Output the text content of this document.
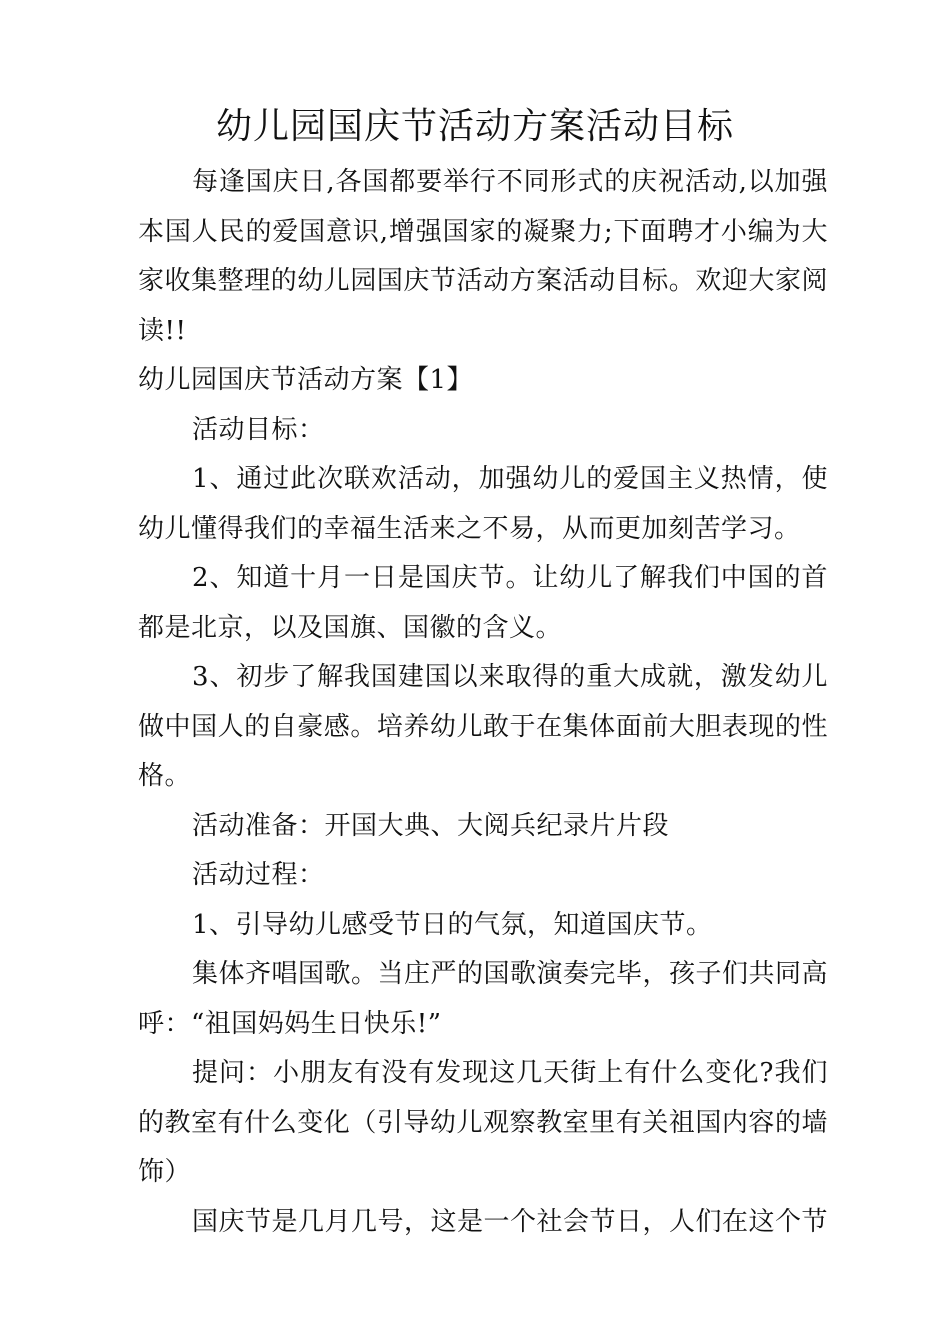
幼儿园国庆节活动方案活动目标

每逢国庆日,各国都要举行不同形式的庆祝活动,以加强本国人民的爱国意识,增强国家的凝聚力;下面聘才小编为大家收集整理的幼儿园国庆节活动方案活动目标。欢迎大家阅读!!

幼儿园国庆节活动方案【1】

活动目标：

1、通过此次联欢活动，加强幼儿的爱国主义热情，使幼儿懂得我们的幸福生活来之不易，从而更加刻苦学习。

2、知道十月一日是国庆节。让幼儿了解我们中国的首都是北京，以及国旗、国徽的含义。

3、初步了解我国建国以来取得的重大成就，激发幼儿做中国人的自豪感。培养幼儿敢于在集体面前大胆表现的性格。

活动准备：开国大典、大阅兵纪录片片段

活动过程：

1、引导幼儿感受节日的气氛，知道国庆节。

集体齐唱国歌。当庄严的国歌演奏完毕，孩子们共同高呼：“祖国妈妈生日快乐!”

提问：小朋友有没有发现这几天街上有什么变化?我们的教室有什么变化（引导幼儿观察教室里有关祖国内容的墙饰）

国庆节是几月几号，这是一个社会节日，人们在这个节
